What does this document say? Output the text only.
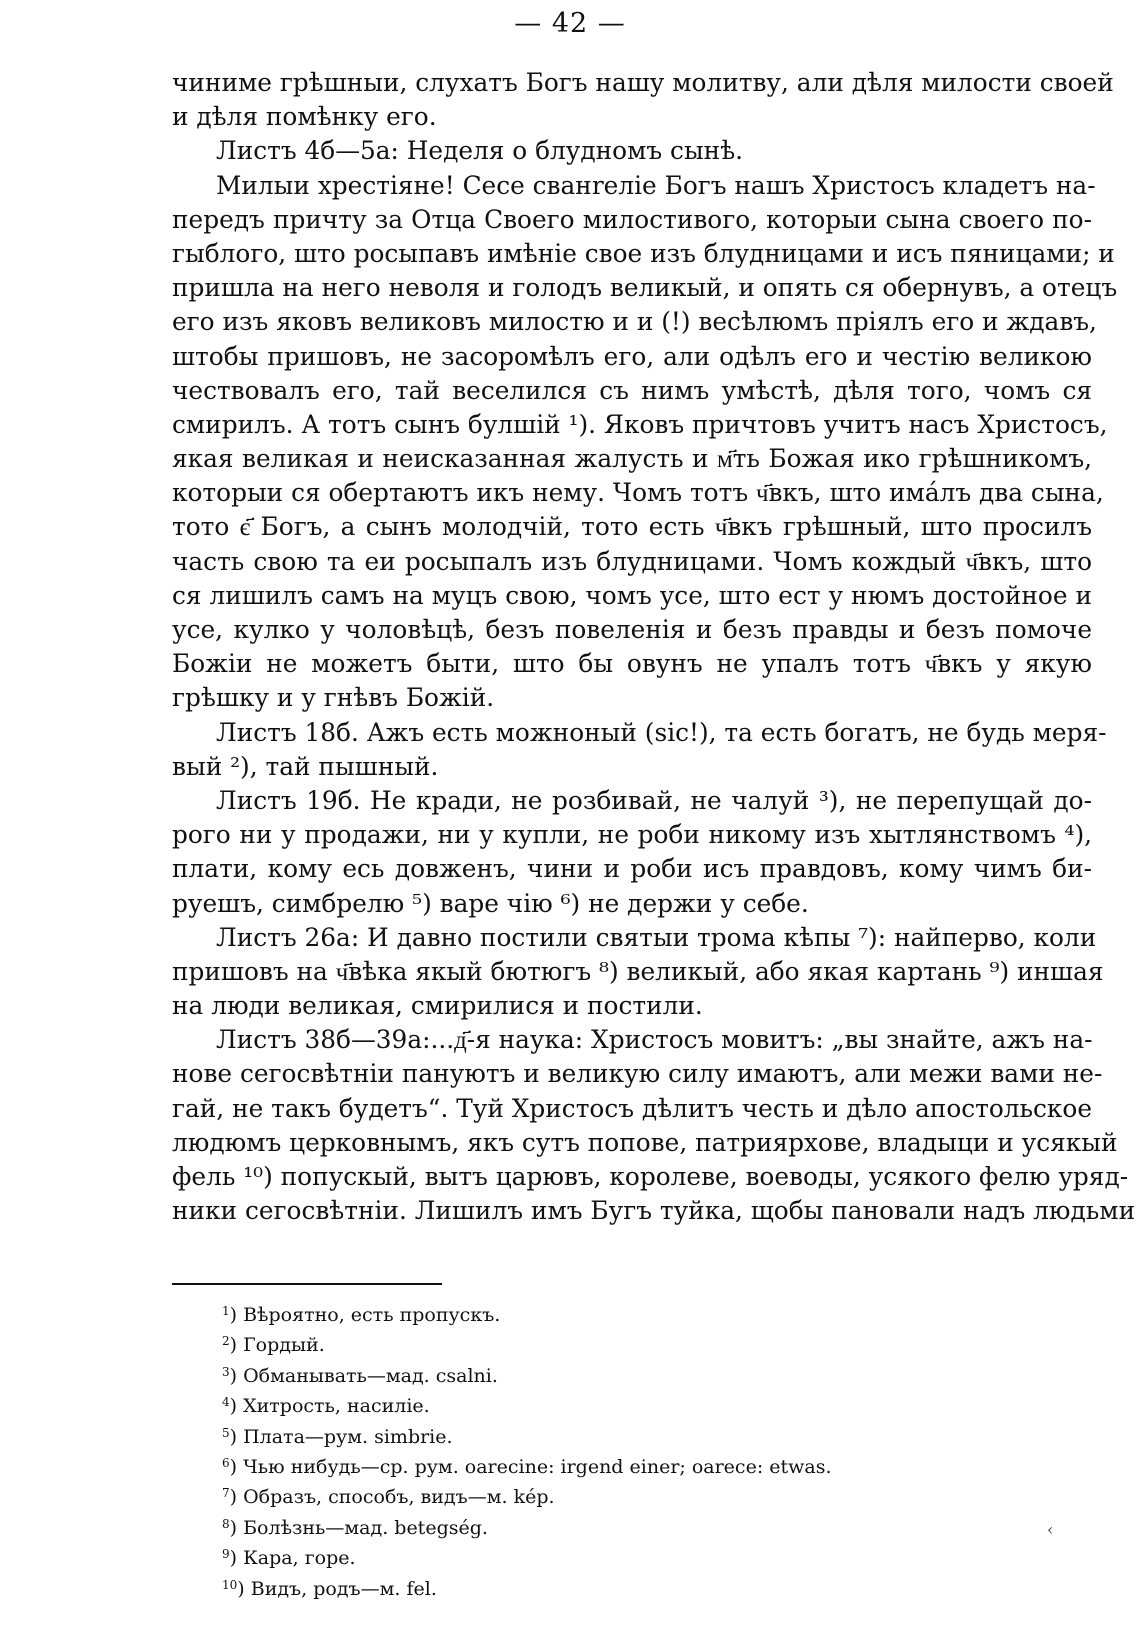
— 42 —
чиниме грѣшныи, слухатъ Богъ нашу молитву, али дѣля милости своей
и дѣля помѣнку его.
Листъ 4б—5а: Неделя о блудномъ сынѣ.
Милыи хрестіяне! Сесе сванrеліе Богъ нашъ Христосъ кладетъ на-
передъ причту за Отца Своего милостивого, которыи сына своего по-
гыблого, што росыпавъ имѣніе свое изъ блудницами и исъ пяницами; и
пришла на него неволя и голодъ великый, и опять ся обернувъ, а отецъ
его изъ яковъ великовъ милостю и и (!) весѣлюмъ пріялъ его и ждавъ,
штобы пришовъ, не засоромѣлъ его, али одѣлъ его и честію великою
чествовалъ его, тай веселился съ нимъ умѣстѣ, дѣля того, чомъ ся
смирилъ. А тотъ сынъ булшій ¹). Яковъ причтовъ учитъ насъ Христосъ,
якая великая и неисказанная жалусть и м҃ть Божая ико грѣшникомъ,
которыи ся обертаютъ икъ нему. Чомъ тотъ ч҃вкъ, што имáлъ два сына,
тото є҃ Богъ, а сынъ молодчій, тото есть ч҃вкъ грѣшный, што просилъ
часть свою та еи росыпалъ изъ блудницами. Чомъ кождый ч҃вкъ, што
ся лишилъ самъ на муцъ свою, чомъ усе, што ест у нюмъ достойное и
усе, кулко у чоловѣцѣ, безъ повеленія и безъ правды и безъ помоче
Божіи не можетъ быти, што бы овунъ не упалъ тотъ ч҃вкъ у якую
грѣшку и у гнѣвъ Божій.
Листъ 18б. Ажъ есть можноный (sic!), та есть богатъ, не будь меря-
вый ²), тай пышный.
Листъ 19б. Не кради, не розбивай, не чалуй ³), не перепущай до-
рого ни у продажи, ни у купли, не роби никому изъ хытлянствомъ ⁴),
плати, кому есь довженъ, чини и роби исъ правдовъ, кому чимъ би-
руешъ, симбрелю ⁵) варе чію ⁶) не держи у себе.
Листъ 26а: И давно постили святыи трома кѣпы ⁷): найперво, коли
пришовъ на ч҃вѣка якый бютюгъ ⁸) великый, або якая картань ⁹) иншая
на люди великая, смирилися и постили.
Листъ 38б—39а:...д҃-я наука: Христосъ мовитъ: „вы знайте, ажъ на-
нове сегосвѣтніи пануютъ и великую силу имаютъ, али межи вами не-
гай, не такъ будетъ“. Туй Христосъ дѣлитъ честь и дѣло апостольское
людюмъ церковнымъ, якъ сутъ попове, патриярхове, владыци и усякый
фель ¹⁰) попускый, вытъ царювъ, королеве, воеводы, усякого фелю уряд-
ники сегосвѣтніи. Лишилъ имъ Бугъ туйка, щобы пановали надъ людьми
$^1$) Вѣроятно, есть пропускъ.
$^2$) Гордый.
$^3$) Обманывать—мад. csalni.
$^4$) Хитрость, насиліе.
$^5$) Плата—рум. simbrie.
$^6$) Чью нибудь—ср. рум. oarecine: irgend einer; oarece: etwas.
$^7$) Образъ, способъ, видъ—м. kép.
$^8$) Болѣзнь—мад. betegség.
$^9$) Кара, горе.
$^{10}$) Видъ, родъ—м. fel.
‹
